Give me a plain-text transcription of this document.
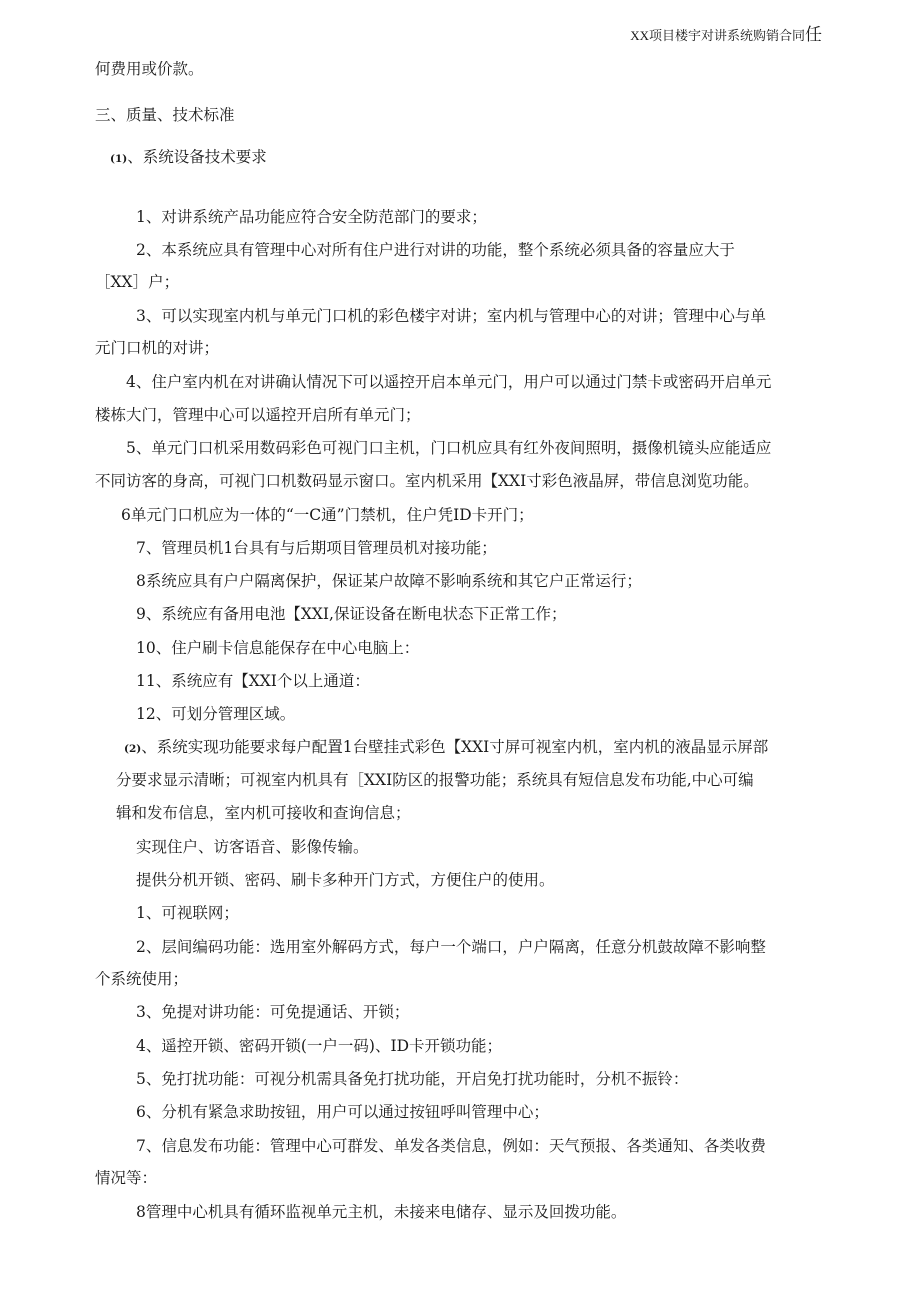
XX项目楼宇对讲系统购销合同任
何费用或价款。
三、质量、技术标准
(1)、系统设备技术要求
1、对讲系统产品功能应符合安全防范部门的要求；
2、本系统应具有管理中心对所有住户进行对讲的功能，整个系统必须具备的容量应大于
［XX］户；
3、可以实现室内机与单元门口机的彩色楼宇对讲；室内机与管理中心的对讲；管理中心与单
元门口机的对讲；
4、住户室内机在对讲确认情况下可以遥控开启本单元门，用户可以通过门禁卡或密码开启单元
楼栋大门，管理中心可以遥控开启所有单元门；
5、单元门口机采用数码彩色可视门口主机，门口机应具有红外夜间照明，摄像机镜头应能适应
不同访客的身高，可视门口机数码显示窗口。室内机采用【XXI寸彩色液晶屏，带信息浏览功能。
6单元门口机应为一体的“一C通”门禁机，住户凭ID卡开门；
7、管理员机1台具有与后期项目管理员机对接功能；
8系统应具有户户隔离保护，保证某户故障不影响系统和其它户正常运行；
9、系统应有备用电池【XXI,保证设备在断电状态下正常工作；
10、住户刷卡信息能保存在中心电脑上：
11、系统应有【XXI个以上通道：
12、可划分管理区域。
(2)、系统实现功能要求每户配置1台壁挂式彩色【XXI寸屏可视室内机，室内机的液晶显示屏部
分要求显示清晰；可视室内机具有［XXI防区的报警功能；系统具有短信息发布功能,中心可编
辑和发布信息，室内机可接收和查询信息；
实现住户、访客语音、影像传输。
提供分机开锁、密码、刷卡多种开门方式，方便住户的使用。
1、可视联网；
2、层间编码功能：选用室外解码方式，每户一个端口，户户隔离，任意分机鼓故障不影响整
个系统使用；
3、免提对讲功能：可免提通话、开锁；
4、遥控开锁、密码开锁(一户一码)、ID卡开锁功能；
5、免打扰功能：可视分机需具备免打扰功能，开启免打扰功能时，分机不振铃：
6、分机有紧急求助按钮，用户可以通过按钮呼叫管理中心；
7、信息发布功能：管理中心可群发、单发各类信息，例如：天气预报、各类通知、各类收费
情况等：
8管理中心机具有循环监视单元主机，未接来电储存、显示及回拨功能。
